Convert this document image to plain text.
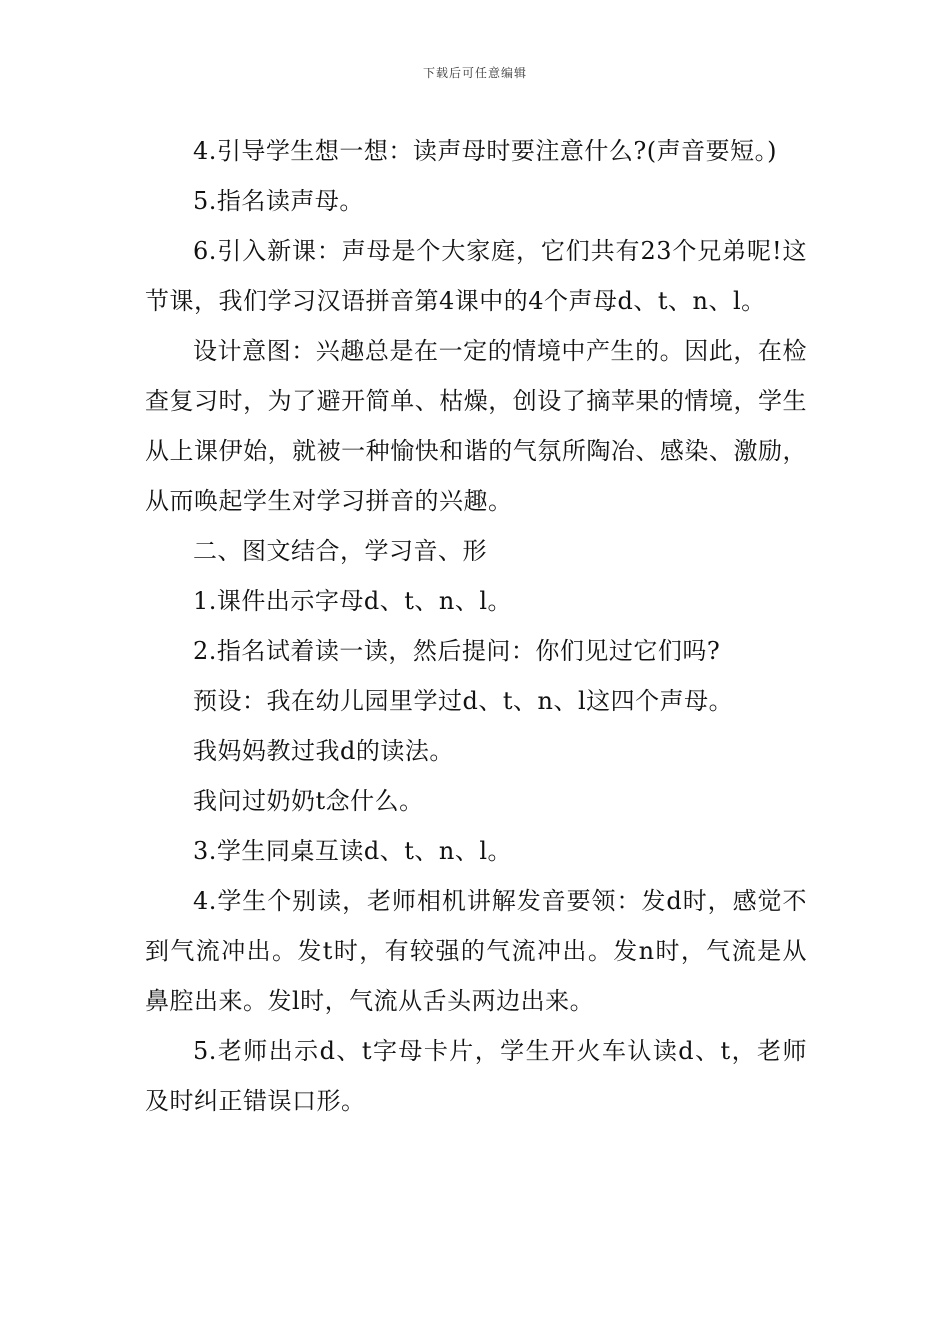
下载后可任意编辑

4.引导学生想一想：读声母时要注意什么?(声音要短。)

5.指名读声母。

6.引入新课：声母是个大家庭，它们共有23个兄弟呢!这节课，我们学习汉语拼音第4课中的4个声母d、t、n、l。

设计意图：兴趣总是在一定的情境中产生的。因此，在检查复习时，为了避开简单、枯燥，创设了摘苹果的情境，学生从上课伊始，就被一种愉快和谐的气氛所陶冶、感染、激励，从而唤起学生对学习拼音的兴趣。

二、图文结合，学习音、形

1.课件出示字母d、t、n、l。

2.指名试着读一读，然后提问：你们见过它们吗?

预设：我在幼儿园里学过d、t、n、l这四个声母。

我妈妈教过我d的读法。

我问过奶奶t念什么。

3.学生同桌互读d、t、n、l。

4.学生个别读，老师相机讲解发音要领：发d时，感觉不到气流冲出。发t时，有较强的气流冲出。发n时，气流是从鼻腔出来。发l时，气流从舌头两边出来。

5.老师出示d、t字母卡片，学生开火车认读d、t，老师及时纠正错误口形。
